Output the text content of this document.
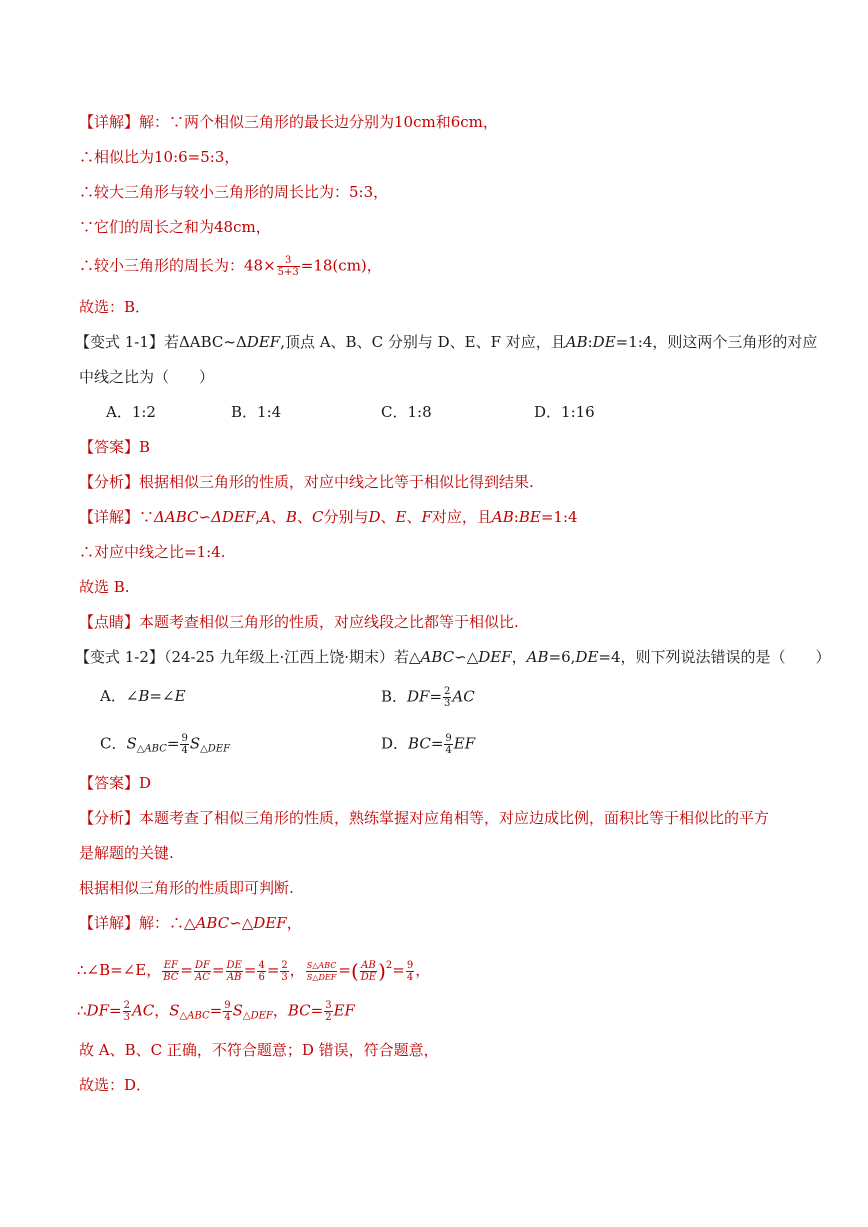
【详解】解：∵两个相似三角形的最长边分别为10cm和6cm，
∴相似比为10:6=5:3，
∴较大三角形与较小三角形的周长比为：5:3，
∵它们的周长之和为48cm，
∴较小三角形的周长为：$48\times \frac{3}{5+3} =18(cm)$，
故选：B．
【变式 1-1】若ΔABC~ΔDEF,顶点 A、B、C 分别与 D、E、F 对应，且AB:DE=1:4，则这两个三角形的对应
中线之比为（　　）
A．1:2	B．1:4	C．1:8	D．1:16
【答案】B
【分析】根据相似三角形的性质，对应中线之比等于相似比得到结果.
【详解】∵ΔABC∽ΔDEF,A、B、C分别与D、E、F对应，且AB:BE=1:4
∴对应中线之比=1:4.
故选 B.
【点睛】本题考查相似三角形的性质，对应线段之比都等于相似比.
【变式 1-2】（24-25 九年级上·江西上饶·期末）若△ABC∽△DEF，AB=6,DE=4，则下列说法错误的是（　　）
A．∠B=∠E	B．$DF= \frac{2}{3}$ AC
C．$S_{\triangle ABC}= \frac{9}{4} S_{\triangle DEF}$	D．$BC= \frac{9}{4}$ EF
【答案】D
【分析】本题考查了相似三角形的性质，熟练掌握对应角相等，对应边成比例，面积比等于相似比的平方
是解题的关键.
根据相似三角形的性质即可判断.
【详解】解：∴△ABC∽△DEF，
∴∠B=∠E， $\frac{EF}{BC} = \frac{DF}{AC} = \frac{DE}{AB} = \frac{4}{6} = \frac{2}{3}$ ， $\frac{\text{S△ABC}}{\text{S△DEF}}$ =( $\frac{AB}{DE} )^2= \frac{9}{4}$ ，
∴DF= $\frac{2}{3}$ AC，$S_{\triangle ABC}= \frac{9}{4} S_{\triangle DEF}$，$BC= \frac{3}{2}$ EF
故 A、B、C 正确，不符合题意；D 错误，符合题意，
故选：D．
